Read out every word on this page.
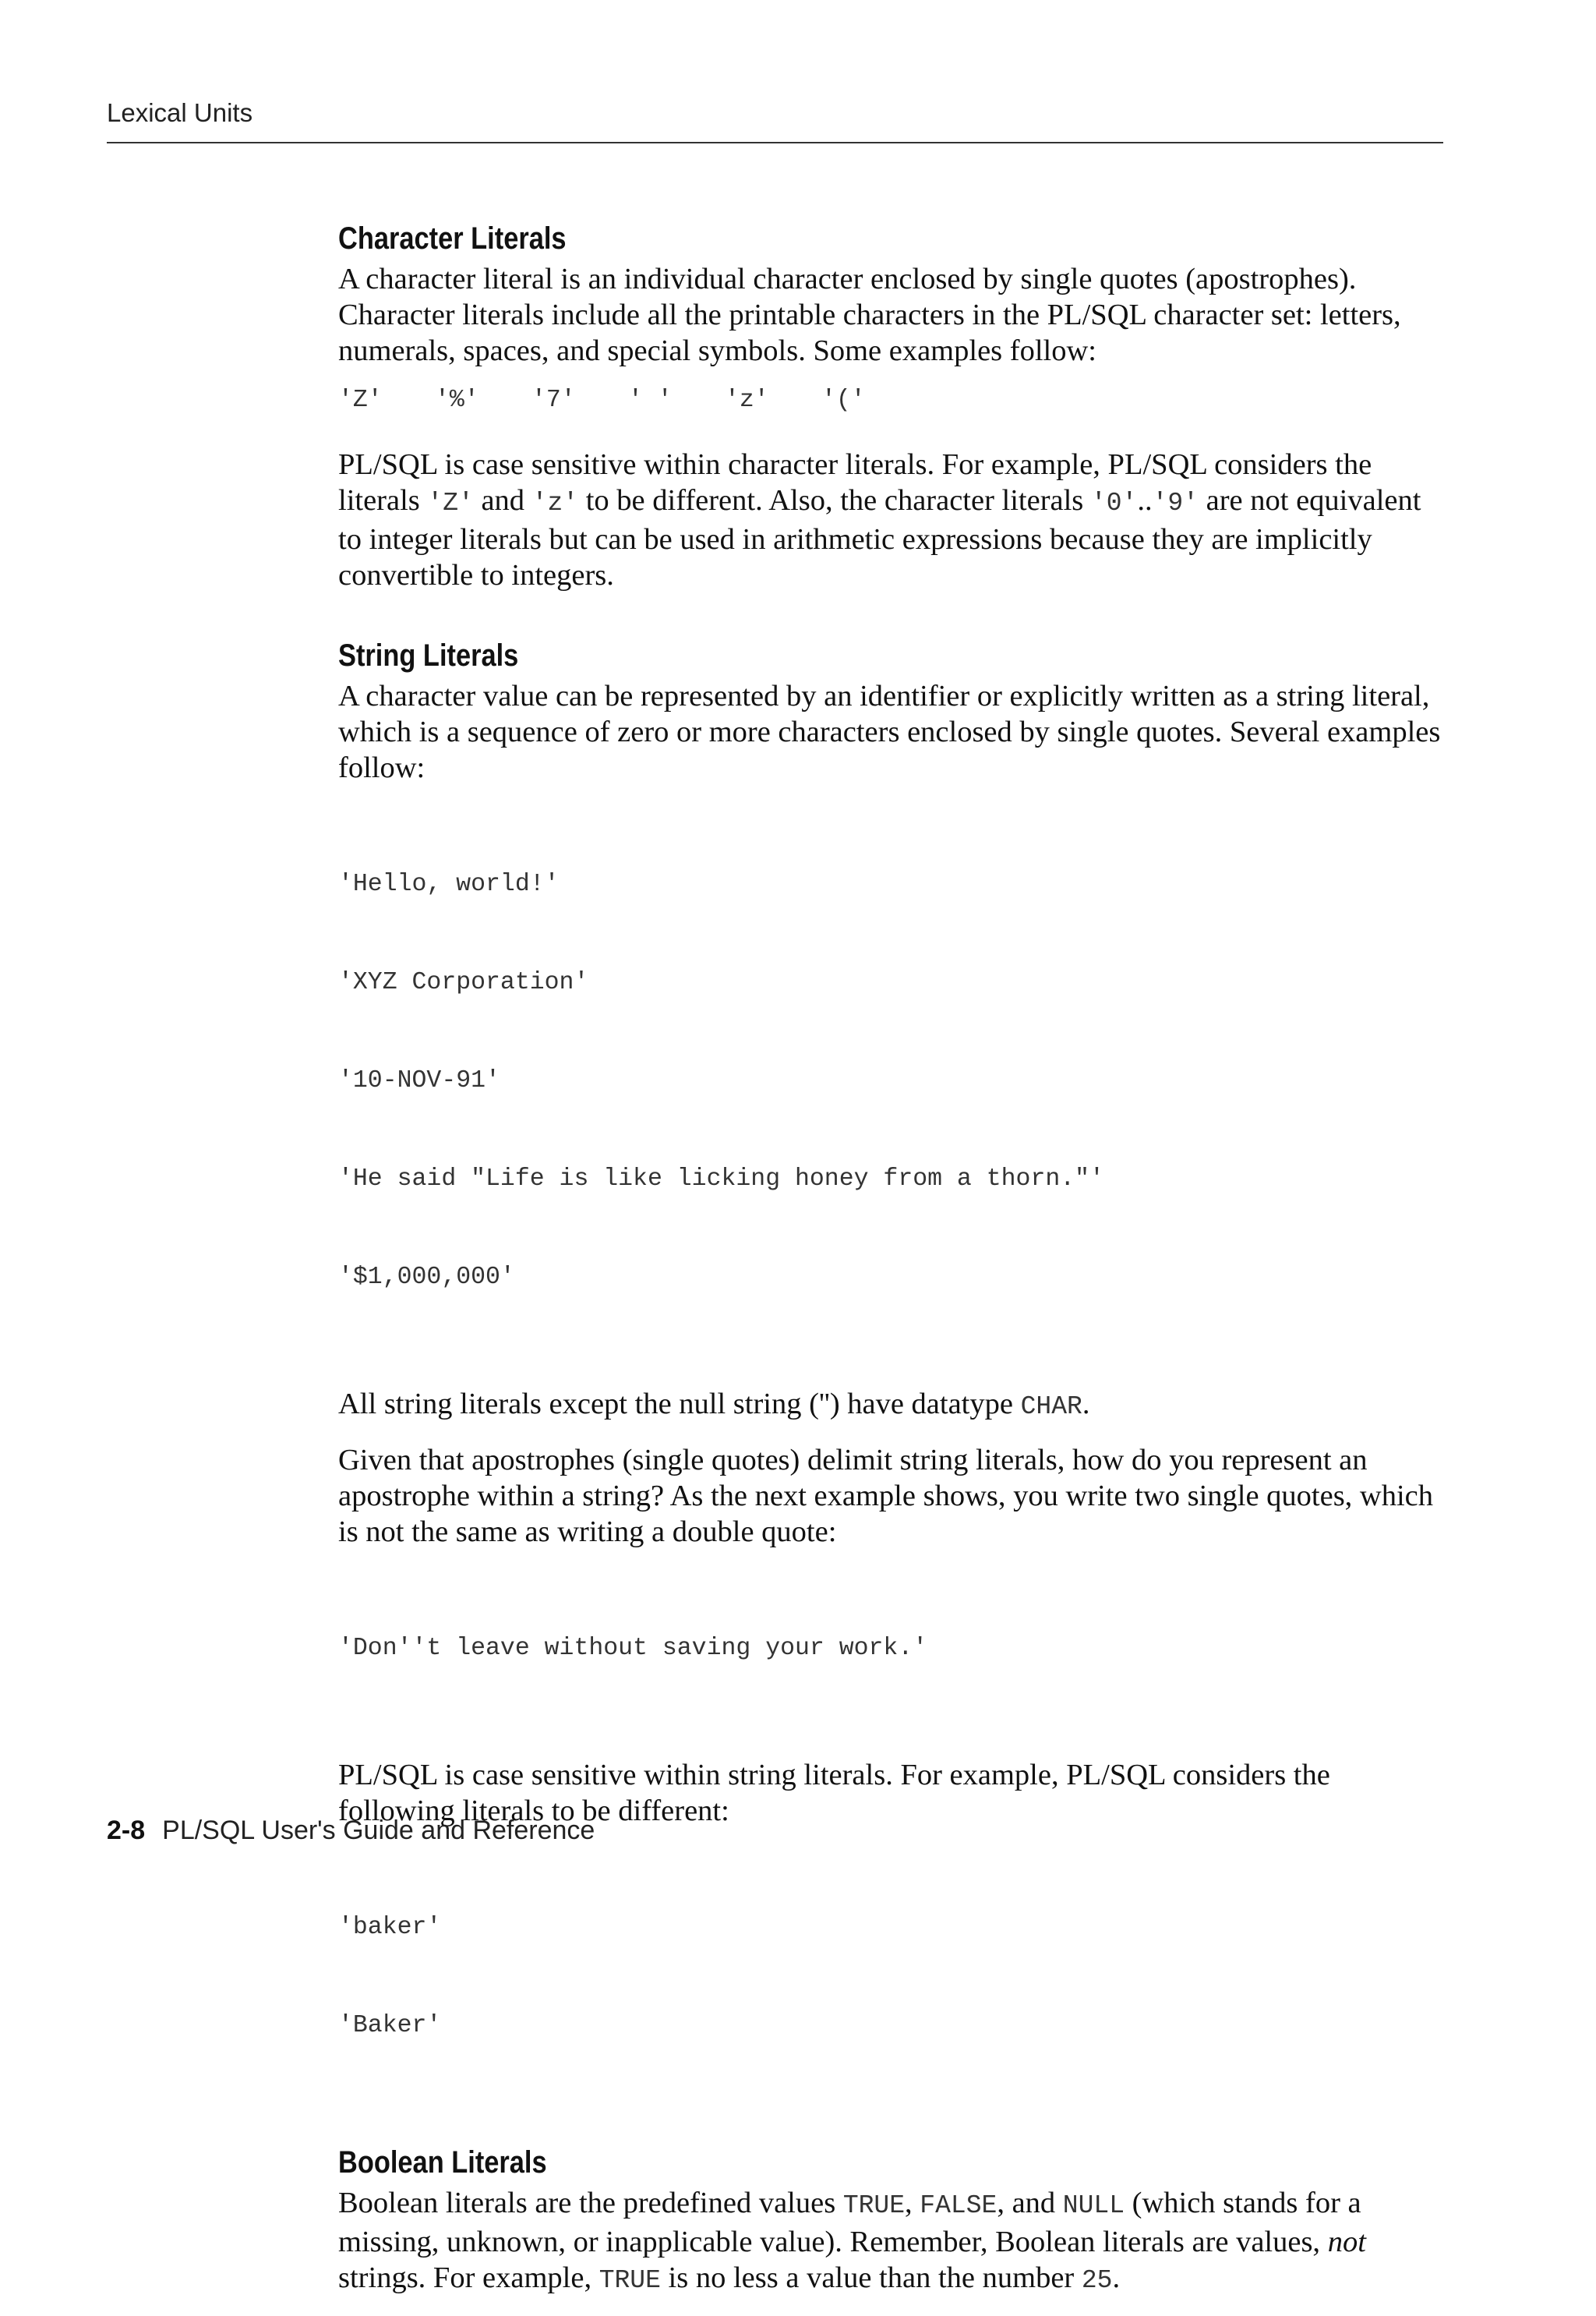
Lexical Units
Character Literals

A character literal is an individual character enclosed by single quotes (apostrophes). Character literals include all the printable characters in the PL/SQL character set: letters, numerals, spaces, and special symbols. Some examples follow:

'Z'	'%'	'7'	' '	'z'	'('

PL/SQL is case sensitive within character literals. For example, PL/SQL considers the literals 'Z' and 'z' to be different. Also, the character literals '0'..'9' are not equivalent to integer literals but can be used in arithmetic expressions because they are implicitly convertible to integers.

String Literals

A character value can be represented by an identifier or explicitly written as a string literal, which is a sequence of zero or more characters enclosed by single quotes. Several examples follow:

'Hello, world!'

'XYZ Corporation'

'10-NOV-91'

'He said "Life is like licking honey from a thorn."'

'$1,000,000'

All string literals except the null string ('') have datatype CHAR.

Given that apostrophes (single quotes) delimit string literals, how do you represent an apostrophe within a string? As the next example shows, you write two single quotes, which is not the same as writing a double quote:

'Don''t leave without saving your work.'

PL/SQL is case sensitive within string literals. For example, PL/SQL considers the following literals to be different:

'baker'

'Baker'

Boolean Literals

Boolean literals are the predefined values TRUE, FALSE, and NULL (which stands for a missing, unknown, or inapplicable value). Remember, Boolean literals are values, not strings. For example, TRUE is no less a value than the number 25.

2-8 PL/SQL User's Guide and Reference
